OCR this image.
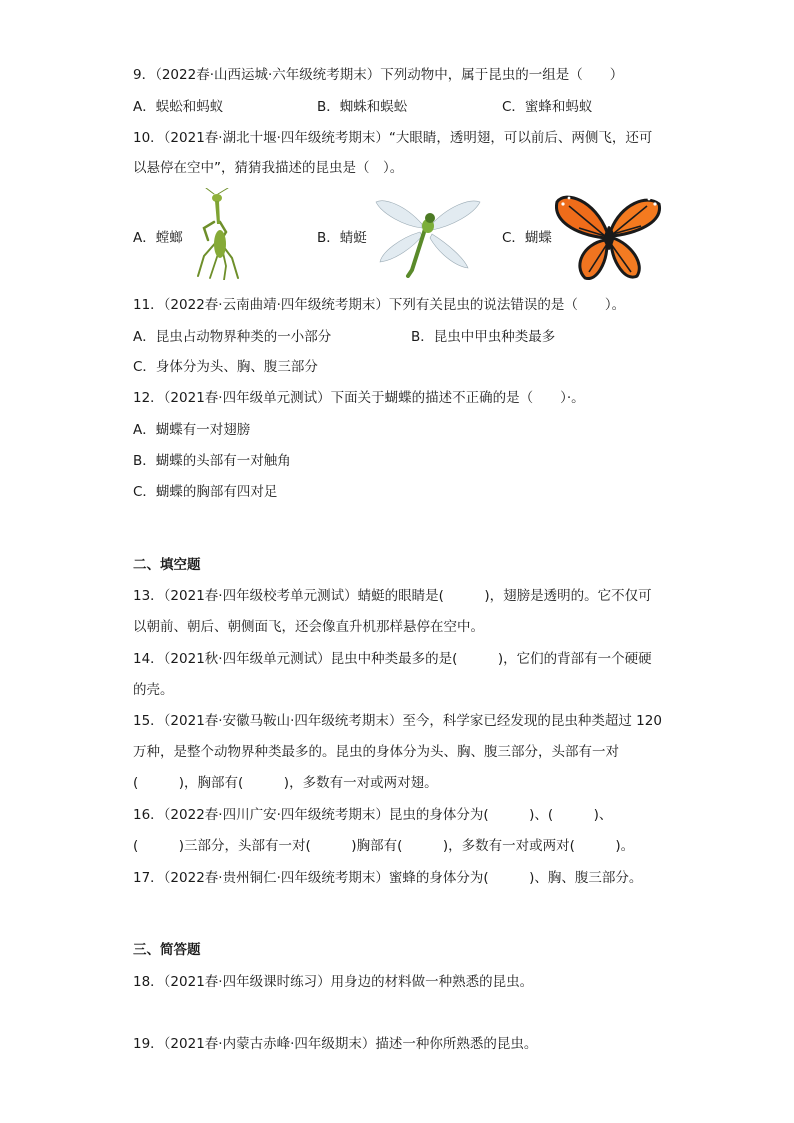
9．（2022春·山西运城·六年级统考期末）下列动物中，属于昆虫的一组是（　　）
A．蜈蚣和蚂蚁	B．蜘蛛和蜈蚣	C．蜜蜂和蚂蚁
10．（2021春·湖北十堰·四年级统考期末）“大眼睛，透明翅，可以前后、两侧飞，还可
以悬停在空中”，猜猜我描述的昆虫是（　）。
A．螳螂	B．蜻蜓	C．蝴蝶
11．（2022春·云南曲靖·四年级统考期末）下列有关昆虫的说法错误的是（　　）。
A．昆虫占动物界种类的一小部分	B．昆虫中甲虫种类最多
C．身体分为头、胸、腹三部分
12．（2021春·四年级单元测试）下面关于蝴蝶的描述不正确的是（　　）·。
A．蝴蝶有一对翅膀
B．蝴蝶的头部有一对触角
C．蝴蝶的胸部有四对足
二、填空题
13．（2021春·四年级校考单元测试）蜻蜓的眼睛是(　　　)，翅膀是透明的。它不仅可
以朝前、朝后、朝侧面飞，还会像直升机那样悬停在空中。
14．（2021秋·四年级单元测试）昆虫中种类最多的是(　　　)，它们的背部有一个硬硬
的壳。
15．（2021春·安徽马鞍山·四年级统考期末）至今，科学家已经发现的昆虫种类超过 120
万种，是整个动物界种类最多的。昆虫的身体分为头、胸、腹三部分，头部有一对
(　　　)，胸部有(　　　)，多数有一对或两对翅。
16．（2022春·四川广安·四年级统考期末）昆虫的身体分为(　　　)、(　　　)、
(　　　)三部分，头部有一对(　　　)胸部有(　　　)，多数有一对或两对(　　　)。
17．（2022春·贵州铜仁·四年级统考期末）蜜蜂的身体分为(　　　)、胸、腹三部分。
三、简答题
18．（2021春·四年级课时练习）用身边的材料做一种熟悉的昆虫。
19．（2021春·内蒙古赤峰·四年级期末）描述一种你所熟悉的昆虫。
